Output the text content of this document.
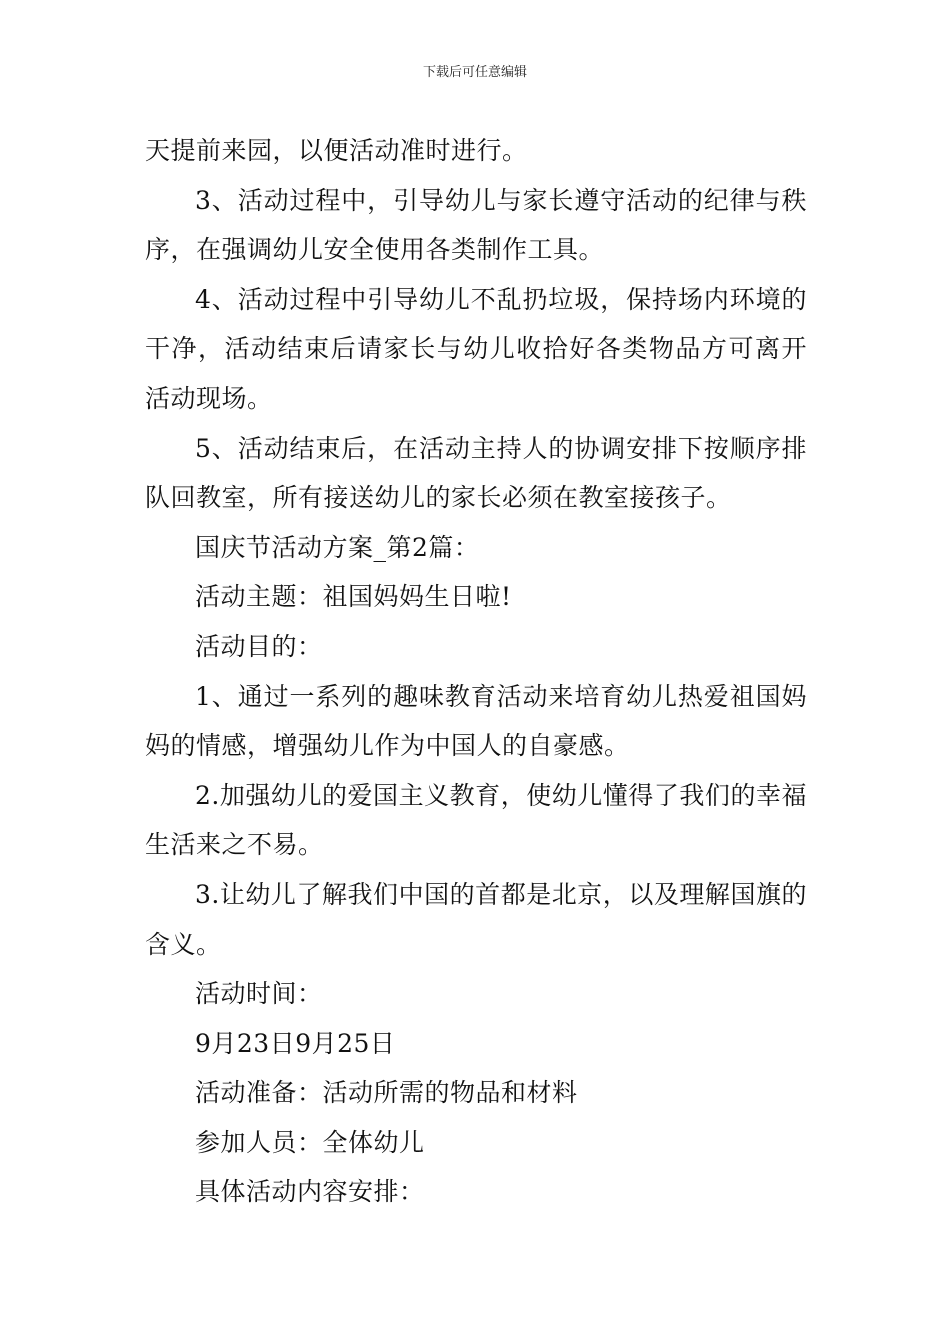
下载后可任意编辑

天提前来园，以便活动准时进行。

3、活动过程中，引导幼儿与家长遵守活动的纪律与秩序，在强调幼儿安全使用各类制作工具。

4、活动过程中引导幼儿不乱扔垃圾，保持场内环境的干净，活动结束后请家长与幼儿收拾好各类物品方可离开活动现场。

5、活动结束后，在活动主持人的协调安排下按顺序排队回教室，所有接送幼儿的家长必须在教室接孩子。

国庆节活动方案_第2篇：

活动主题：祖国妈妈生日啦!

活动目的：

1、通过一系列的趣味教育活动来培育幼儿热爱祖国妈妈的情感，增强幼儿作为中国人的自豪感。

2.加强幼儿的爱国主义教育，使幼儿懂得了我们的幸福生活来之不易。

3.让幼儿了解我们中国的首都是北京，以及理解国旗的含义。

活动时间：

9月23日9月25日

活动准备：活动所需的物品和材料

参加人员：全体幼儿

具体活动内容安排：
